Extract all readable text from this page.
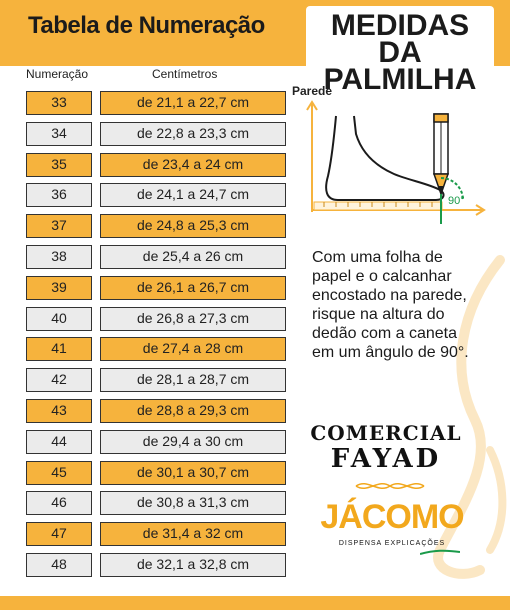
Tabela de Numeração	MEDIDAS DA
PALMILHA
Numeração	Centímetros
33	de 21,1 a 22,7 cm
34	de 22,8 a 23,3 cm
35	de 23,4 a 24 cm
36	de 24,1 a 24,7 cm
37	de 24,8 a 25,3 cm
38	de 25,4 a 26 cm
39	de 26,1 a 26,7 cm
40	de 26,8 a 27,3 cm
41	de 27,4 a 28 cm
42	de 28,1 a 28,7 cm
43	de 28,8 a 29,3 cm
44	de 29,4 a 30 cm
45	de 30,1 a 30,7 cm
46	de 30,8 a 31,3 cm
47	de 31,4 a 32 cm
48	de 32,1 a 32,8 cm
Parede
90°
Com uma folha de
papel e o calcanhar
encostado na parede,
risque na altura do
dedão com a caneta
em um ângulo de 90°.
COMERCIAL
FAYAD
JÁCOMO
DISPENSA EXPLICAÇÕES
